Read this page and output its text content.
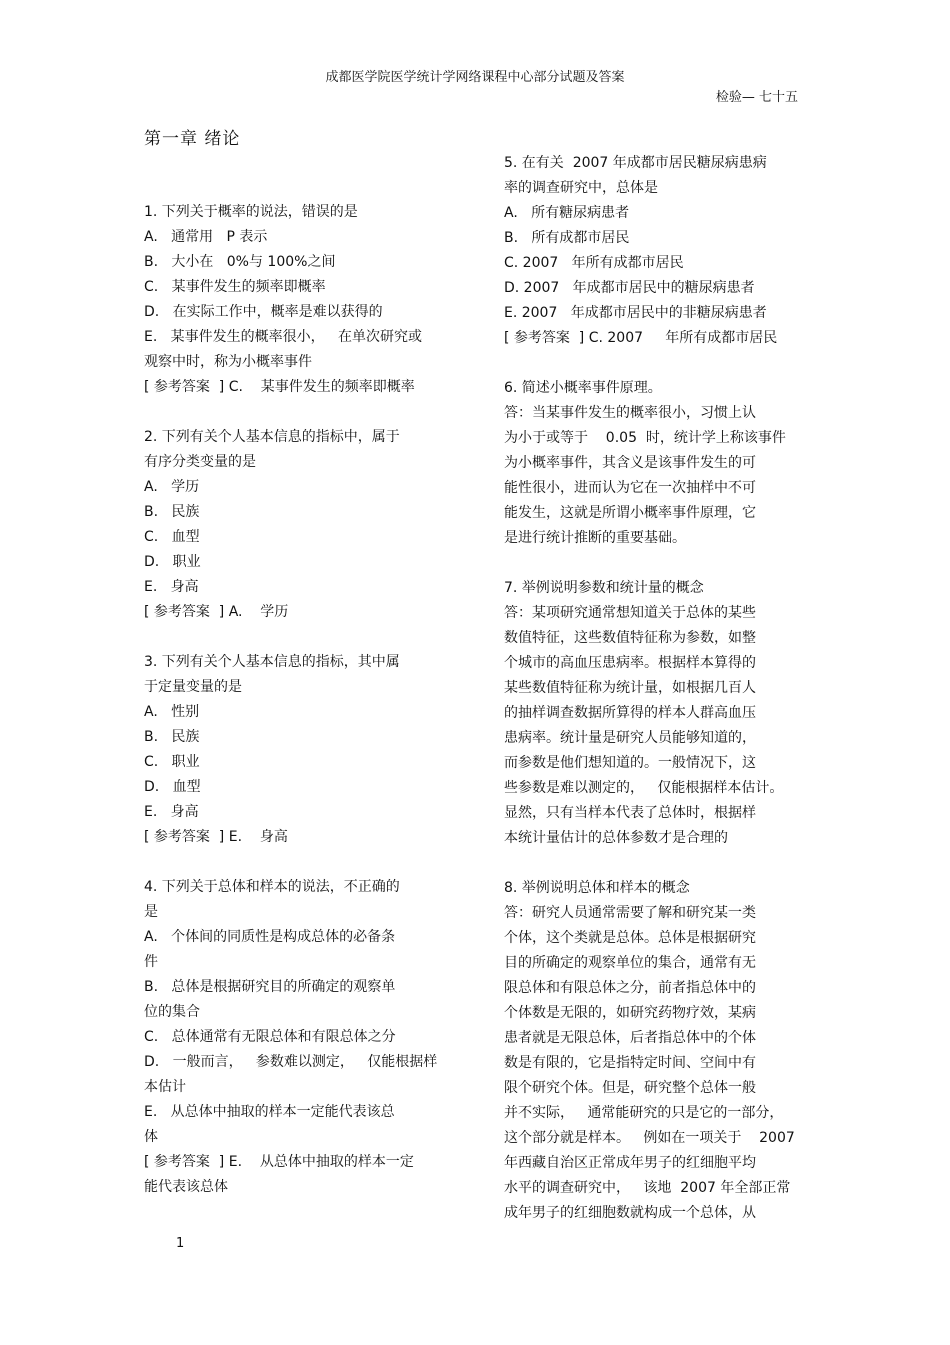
成都医学院医学统计学网络课程中心部分试题及答案
检验— 七十五
第一章 绪论
1. 下列关于概率的说法，错误的是
A.   通常用   P 表示
B.   大小在   0%与 100%之间
C.   某事件发生的频率即概率
D.   在实际工作中，概率是难以获得的
E.   某事件发生的概率很小，   在单次研究或
观察中时，称为小概率事件
[ 参考答案  ] C.    某事件发生的频率即概率
2. 下列有关个人基本信息的指标中，属于
有序分类变量的是
A.   学历
B.   民族
C.   血型
D.   职业
E.   身高
[ 参考答案  ] A.    学历
3. 下列有关个人基本信息的指标，其中属
于定量变量的是
A.   性别
B.   民族
C.   职业
D.   血型
E.   身高
[ 参考答案  ] E.    身高
4. 下列关于总体和样本的说法，不正确的
是
A.   个体间的同质性是构成总体的必备条
件
B.   总体是根据研究目的所确定的观察单
位的集合
C.   总体通常有无限总体和有限总体之分
D.   一般而言，   参数难以测定，   仅能根据样
本估计
E.   从总体中抽取的样本一定能代表该总
体
[ 参考答案  ] E.    从总体中抽取的样本一定
能代表该总体
5. 在有关  2007 年成都市居民糖尿病患病
率的调查研究中，总体是
A.   所有糖尿病患者
B.   所有成都市居民
C. 2007   年所有成都市居民
D. 2007   年成都市居民中的糖尿病患者
E. 2007   年成都市居民中的非糖尿病患者
[ 参考答案  ] C. 2007     年所有成都市居民
6. 简述小概率事件原理。
答：当某事件发生的概率很小，习惯上认
为小于或等于    0.05  时，统计学上称该事件
为小概率事件，其含义是该事件发生的可
能性很小，进而认为它在一次抽样中不可
能发生，这就是所谓小概率事件原理，它
是进行统计推断的重要基础。
7. 举例说明参数和统计量的概念
答：某项研究通常想知道关于总体的某些
数值特征，这些数值特征称为参数，如整
个城市的高血压患病率。根据样本算得的
某些数值特征称为统计量，如根据几百人
的抽样调查数据所算得的样本人群高血压
患病率。统计量是研究人员能够知道的，
而参数是他们想知道的。一般情况下，这
些参数是难以测定的，   仅能根据样本估计。
显然，只有当样本代表了总体时，根据样
本统计量估计的总体参数才是合理的
8. 举例说明总体和样本的概念
答：研究人员通常需要了解和研究某一类
个体，这个类就是总体。总体是根据研究
目的所确定的观察单位的集合，通常有无
限总体和有限总体之分，前者指总体中的
个体数是无限的，如研究药物疗效，某病
患者就是无限总体，后者指总体中的个体
数是有限的，它是指特定时间、空间中有
限个研究个体。但是，研究整个总体一般
并不实际，   通常能研究的只是它的一部分，
这个部分就是样本。   例如在一项关于    2007
年西藏自治区正常成年男子的红细胞平均
水平的调查研究中，   该地  2007 年全部正常
成年男子的红细胞数就构成一个总体，从
1
